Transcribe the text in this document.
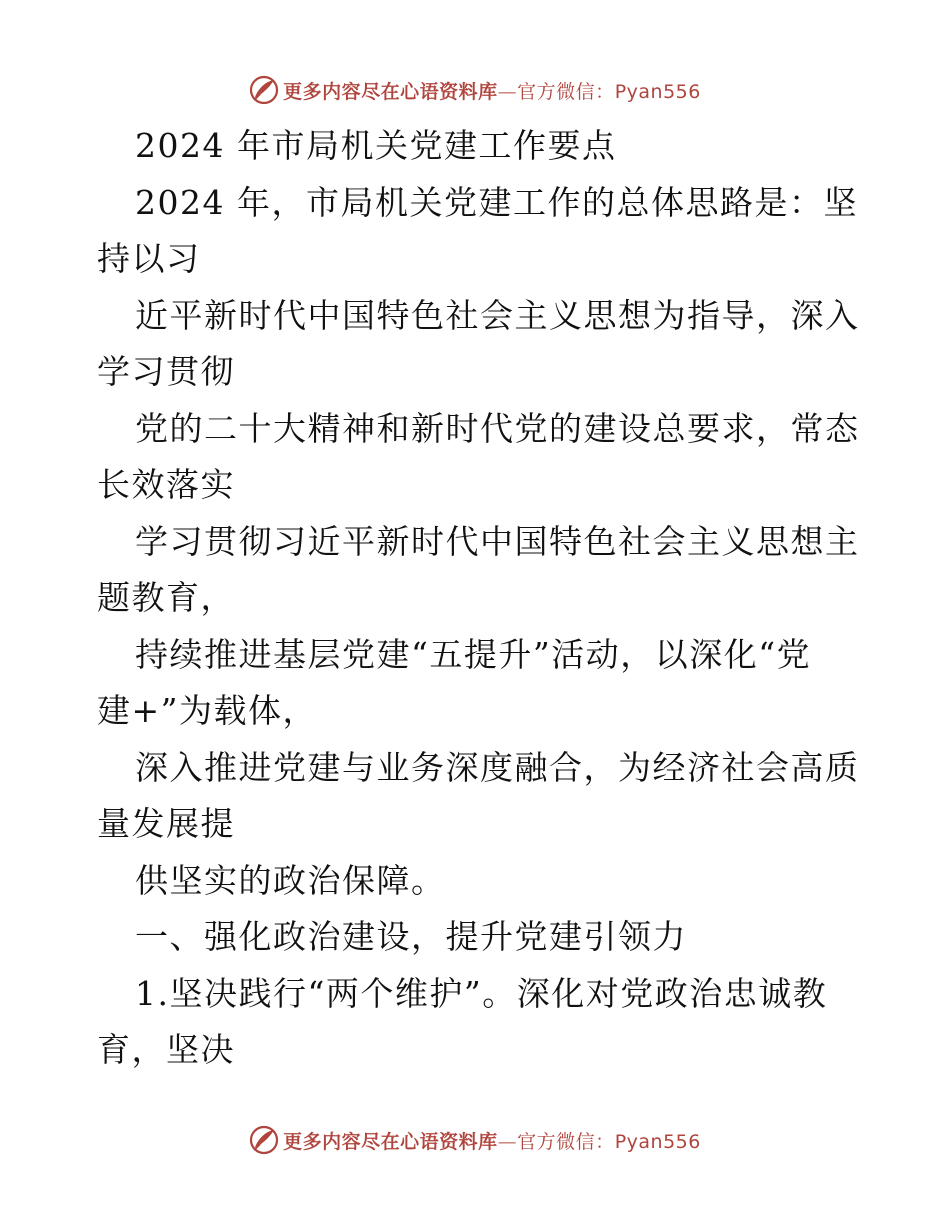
更多内容尽在心语资料库—官方微信：Pyan556
2024 年市局机关党建工作要点
2024 年，市局机关党建工作的总体思路是：坚
持以习
近平新时代中国特色社会主义思想为指导，深入
学习贯彻
党的二十大精神和新时代党的建设总要求，常态
长效落实
学习贯彻习近平新时代中国特色社会主义思想主
题教育，
持续推进基层党建“五提升”活动，以深化“党
建+”为载体，
深入推进党建与业务深度融合，为经济社会高质
量发展提
供坚实的政治保障。
一、强化政治建设，提升党建引领力
1.坚决践行“两个维护”。深化对党政治忠诚教
育，坚决
更多内容尽在心语资料库—官方微信：Pyan556
